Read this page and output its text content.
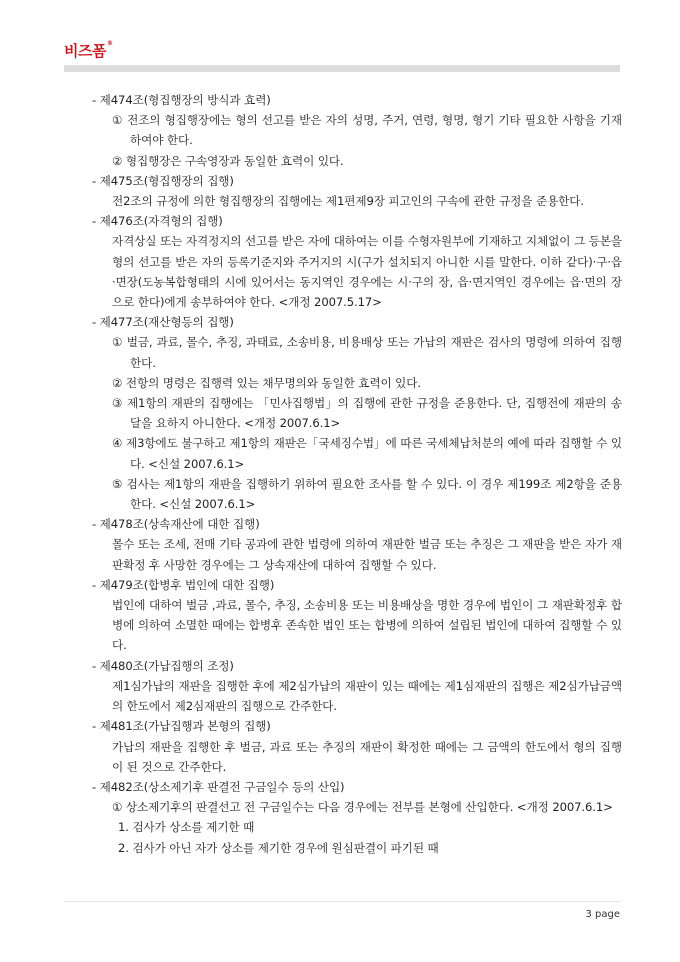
비즈폼®

- 제474조(형집행장의 방식과 효력)

① 전조의 형집행장에는 형의 선고를 받은 자의 성명, 주거, 연령, 형명, 형기 기타 필요한 사항을 기재하여야 한다.

② 형집행장은 구속영장과 동일한 효력이 있다.

- 제475조(형집행장의 집행)

전2조의 규정에 의한 형집행장의 집행에는 제1편제9장 피고인의 구속에 관한 규정을 준용한다.

- 제476조(자격형의 집행)

자격상실 또는 자격정지의 선고를 받은 자에 대하여는 이를 수형자원부에 기재하고 지체없이 그 등본을 형의 선고를 받은 자의 등록기준지와 주거지의 시(구가 설치되지 아니한 시를 말한다. 이하 같다)·구·읍·면장(도농복합형태의 시에 있어서는 동지역인 경우에는 시·구의 장, 읍·면지역인 경우에는 읍·면의 장으로 한다)에게 송부하여야 한다. <개정 2007.5.17>

- 제477조(재산형등의 집행)

① 벌금, 과료, 몰수, 추징, 과태료, 소송비용, 비용배상 또는 가납의 재판은 검사의 명령에 의하여 집행한다.

② 전항의 명령은 집행력 있는 채무명의와 동일한 효력이 있다.

③ 제1항의 재판의 집행에는 「민사집행법」의 집행에 관한 규정을 준용한다. 단, 집행전에 재판의 송달을 요하지 아니한다. <개정 2007.6.1>

④ 제3항에도 불구하고 제1항의 재판은「국세징수법」에 따른 국세체납처분의 예에 따라 집행할 수 있다. <신설 2007.6.1>

⑤ 검사는 제1항의 재판을 집행하기 위하여 필요한 조사를 할 수 있다. 이 경우 제199조 제2항을 준용한다. <신설 2007.6.1>

- 제478조(상속재산에 대한 집행)

몰수 또는 조세, 전매 기타 공과에 관한 법령에 의하여 재판한 벌금 또는 추징은 그 재판을 받은 자가 재판확정 후 사망한 경우에는 그 상속재산에 대하여 집행할 수 있다.

- 제479조(합병후 법인에 대한 집행)

법인에 대하여 벌금 ,과료, 몰수, 추징, 소송비용 또는 비용배상을 명한 경우에 법인이 그 재판확정후 합병에 의하여 소멸한 때에는 합병후 존속한 법인 또는 합병에 의하여 설립된 법인에 대하여 집행할 수 있다.

- 제480조(가납집행의 조정)

제1심가납의 재판을 집행한 후에 제2심가납의 재판이 있는 때에는 제1심재판의 집행은 제2심가납금액의 한도에서 제2심재판의 집행으로 간주한다.

- 제481조(가납집행과 본형의 집행)

가납의 재판을 집행한 후 벌금, 과료 또는 추징의 재판이 확정한 때에는 그 금액의 한도에서 형의 집행이 된 것으로 간주한다.

- 제482조(상소제기후 판결전 구금일수 등의 산입)

① 상소제기후의 판결선고 전 구금일수는 다음 경우에는 전부를 본형에 산입한다. <개정 2007.6.1>

1. 검사가 상소를 제기한 때

2. 검사가 아닌 자가 상소를 제기한 경우에 원심판결이 파기된 때

3 page
